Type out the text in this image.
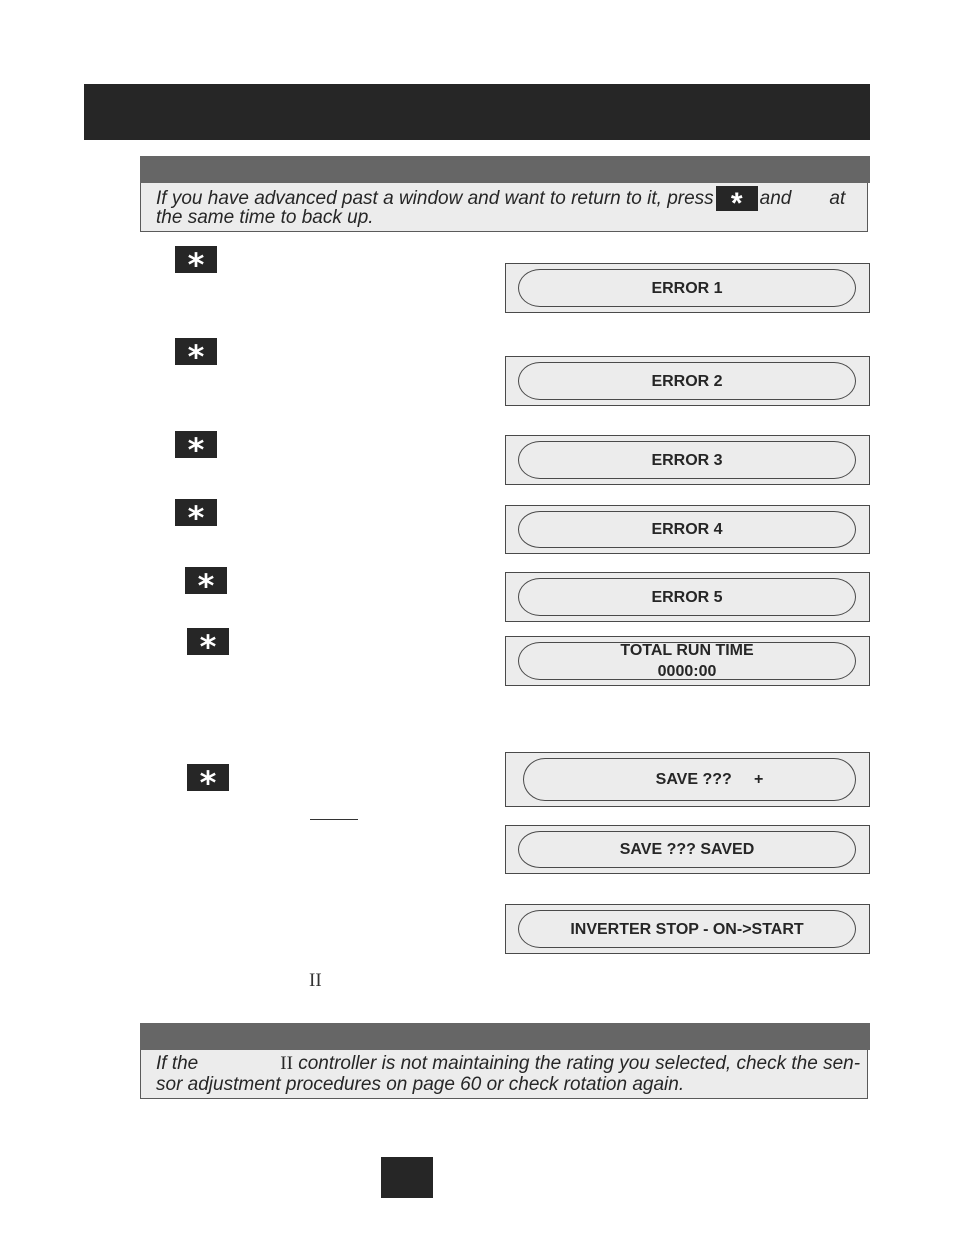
If you have advanced past a window and want to return to it, press * and at
the same time to back up.
*
*
*
*
*
*
*
ERROR 1
ERROR 2
ERROR 3
ERROR 4
ERROR 5
TOTAL RUN TIME
0000:00
SAVE ???     +
SAVE ??? SAVED
INVERTER STOP - ON->START
II
If the	II controller is not maintaining the rating you selected, check the sen-
sor adjustment procedures on page 60 or check rotation again.
